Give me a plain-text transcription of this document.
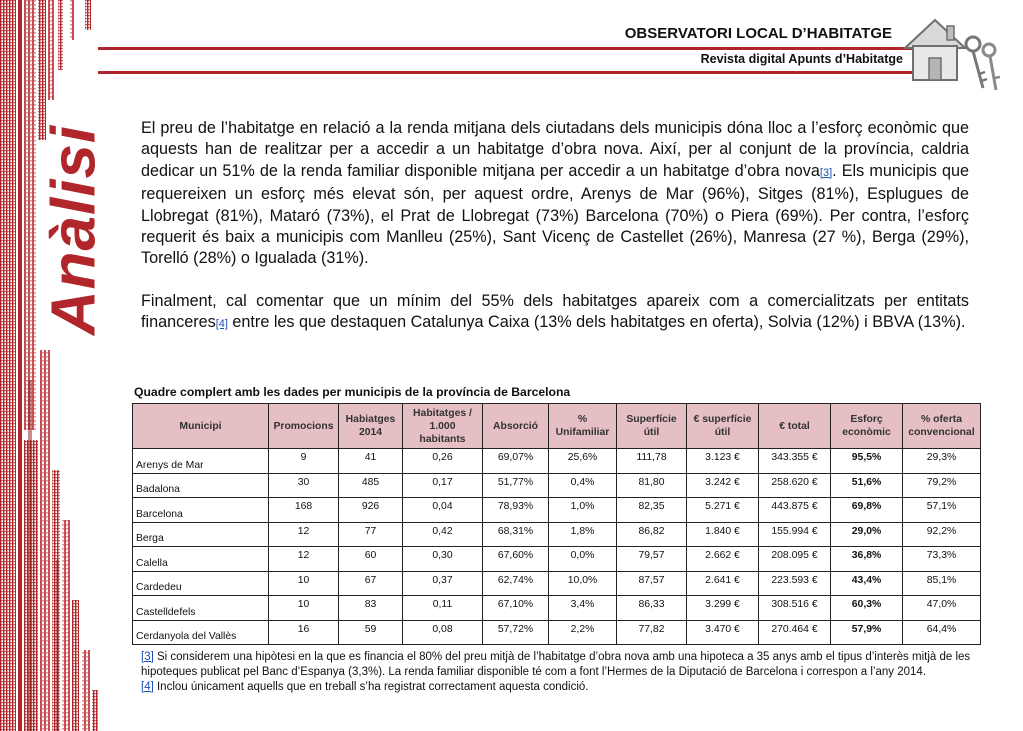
Anàlisi
OBSERVATORI LOCAL D’HABITATGE
Revista digital Apunts d’Habitatge

El preu de l’habitatge en relació a la renda mitjana dels ciutadans dels municipis dóna lloc a l’esforç econòmic que aquests han de realitzar per a accedir a un habitatge d’obra nova. Així, per al conjunt de la província, caldria dedicar un 51% de la renda familiar disponible mitjana per accedir a un habitatge d’obra nova[3]. Els municipis que requereixen un esforç més elevat són, per aquest ordre, Arenys de Mar (96%), Sitges (81%), Esplugues de Llobregat (81%), Mataró (73%), el Prat de Llobregat (73%) Barcelona (70%) o Piera (69%). Per contra, l’esforç requerit és baix a municipis com Manlleu (25%), Sant Vicenç de Castellet (26%), Manresa (27 %), Berga (29%), Torelló (28%) o Igualada (31%).

Finalment, cal comentar que un mínim del 55% dels habitatges apareix com a comercialitzats per entitats financeres[4] entre les que destaquen Catalunya Caixa (13% dels habitatges en oferta), Solvia (12%) i BBVA (13%).

Quadre complert amb les dades per municipis de la província de Barcelona
Municipi	Promocions	Habiatges 2014	Habitatges / 1.000 habitants	Absorció	% Unifamiliar	Superfície útil	€ superfície útil	€ total	Esforç econòmic	% oferta convencional
Arenys de Mar	9	41	0,26	69,07%	25,6%	111,78	3.123 €	343.355 €	95,5%	29,3%
Badalona	30	485	0,17	51,77%	0,4%	81,80	3.242 €	258.620 €	51,6%	79,2%
Barcelona	168	926	0,04	78,93%	1,0%	82,35	5.271 €	443.875 €	69,8%	57,1%
Berga	12	77	0,42	68,31%	1,8%	86,82	1.840 €	155.994 €	29,0%	92,2%
Calella	12	60	0,30	67,60%	0,0%	79,57	2.662 €	208.095 €	36,8%	73,3%
Cardedeu	10	67	0,37	62,74%	10,0%	87,57	2.641 €	223.593 €	43,4%	85,1%
Castelldefels	10	83	0,11	67,10%	3,4%	86,33	3.299 €	308.516 €	60,3%	47,0%
Cerdanyola del Vallès	16	59	0,08	57,72%	2,2%	77,82	3.470 €	270.464 €	57,9%	64,4%

[3] Si considerem una hipòtesi en la que es financia el 80% del preu mitjà de l’habitatge d’obra nova amb una hipoteca a 35 anys amb el tipus d’interès mitjà de les hipoteques publicat pel Banc d’Espanya (3,3%). La renda familiar disponible té com a font l’Hermes de la Diputació de Barcelona i correspon a l’any 2014.

[4] Inclou únicament aquells que en treball s’ha registrat correctament aquesta condició.
